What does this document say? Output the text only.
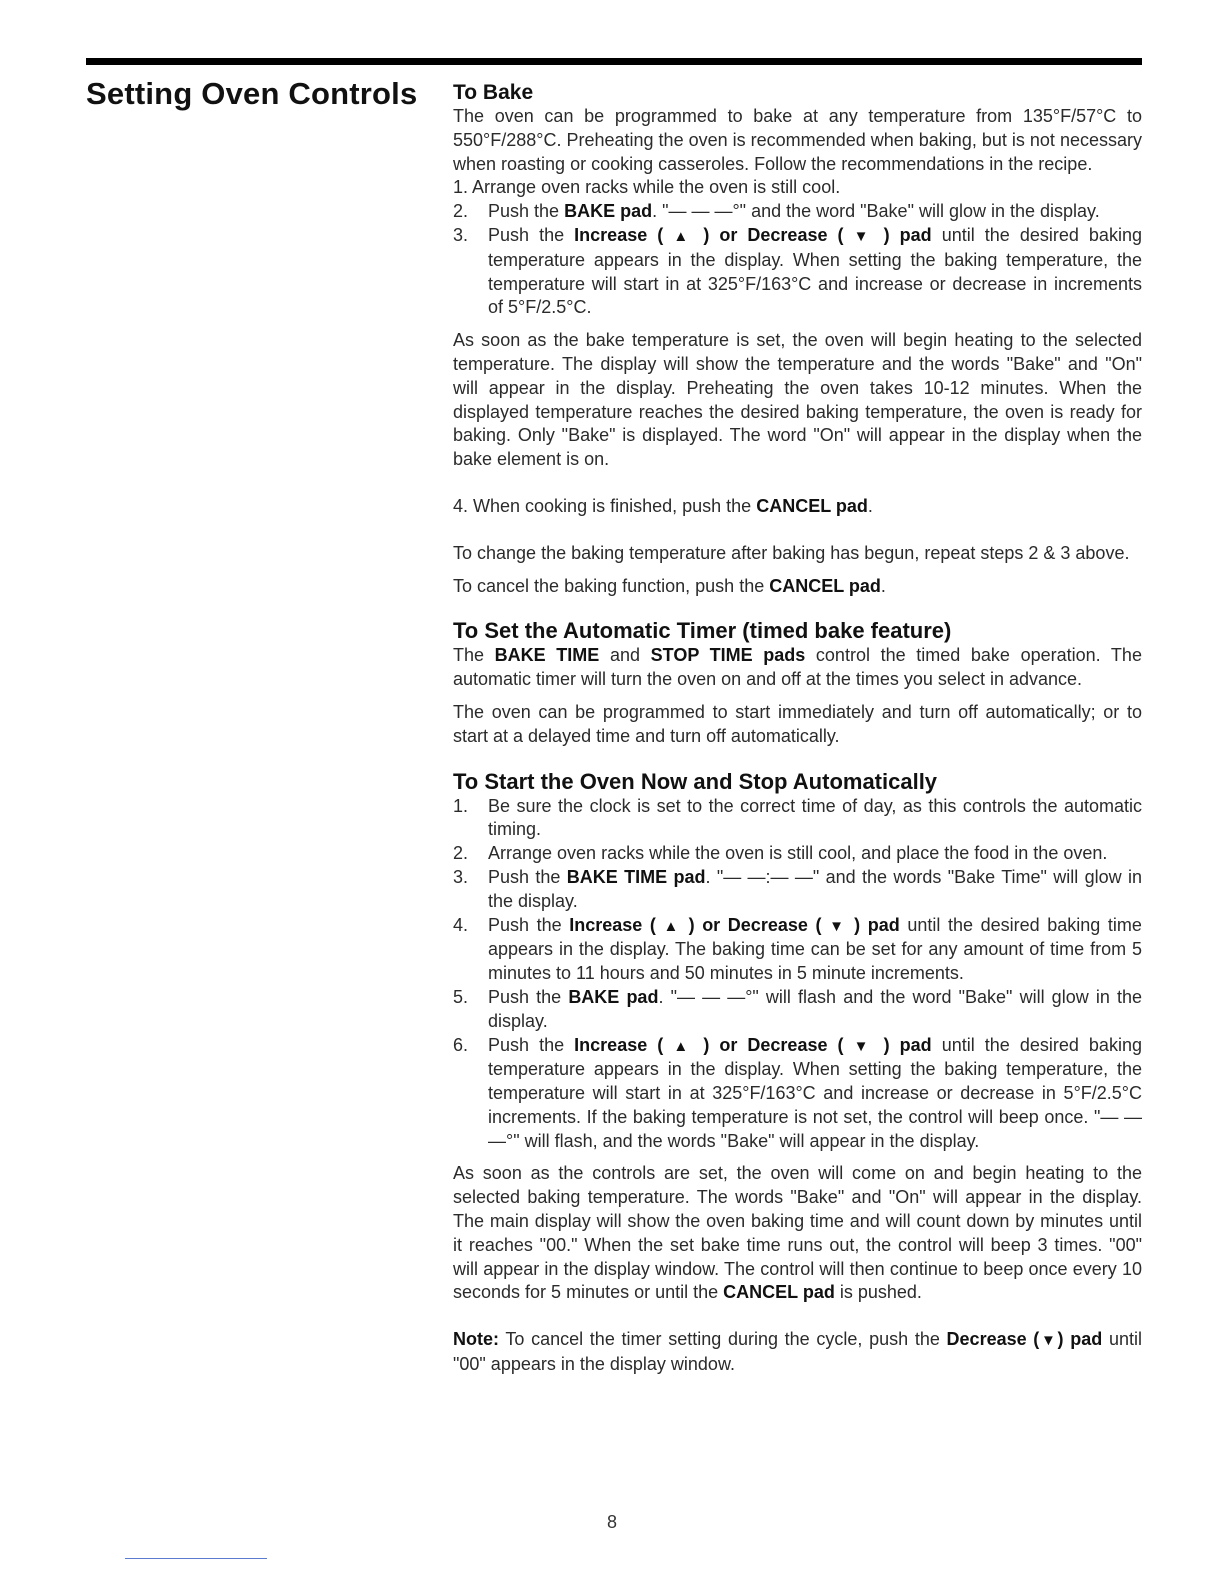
Setting Oven Controls To Bake

The oven can be programmed to bake at any temperature from 135°F/57°C to 550°F/288°C. Preheating the oven is recommended when baking, but is not necessary when roasting or cooking casseroles. Follow the recommendations in the recipe.

1. Arrange oven racks while the oven is still cool.
2. Push the BAKE pad. "— — —°" and the word "Bake" will glow in the display.
3. Push the Increase ( ▲ ) or Decrease ( ▼ ) pad until the desired baking temperature appears in the display. When setting the baking temperature, the temperature will start in at 325°F/163°C and increase or decrease in increments of 5°F/2.5°C.

As soon as the bake temperature is set, the oven will begin heating to the selected temperature. The display will show the temperature and the words "Bake" and "On" will appear in the display. Preheating the oven takes 10-12 minutes. When the displayed temperature reaches the desired baking temperature, the oven is ready for baking. Only "Bake" is displayed. The word "On" will appear in the display when the bake element is on.

4. When cooking is finished, push the CANCEL pad.

To change the baking temperature after baking has begun, repeat steps 2 & 3 above.

To cancel the baking function, push the CANCEL pad.

To Set the Automatic Timer (timed bake feature)

The BAKE TIME and STOP TIME pads control the timed bake operation. The automatic timer will turn the oven on and off at the times you select in advance.

The oven can be programmed to start immediately and turn off automatically; or to start at a delayed time and turn off automatically.

To Start the Oven Now and Stop Automatically
1. Be sure the clock is set to the correct time of day, as this controls the automatic timing.
2. Arrange oven racks while the oven is still cool, and place the food in the oven.
3. Push the BAKE TIME pad. "— —:— —" and the words "Bake Time" will glow in the display.
4. Push the Increase ( ▲ ) or Decrease ( ▼ ) pad until the desired baking time appears in the display. The baking time can be set for any amount of time from 5 minutes to 11 hours and 50 minutes in 5 minute increments.
5. Push the BAKE pad. "— — —°" will flash and the word "Bake" will glow in the display.
6. Push the Increase ( ▲ ) or Decrease ( ▼ ) pad until the desired baking temperature appears in the display. When setting the baking temperature, the temperature will start in at 325°F/163°C and increase or decrease in 5°F/2.5°C increments. If the baking temperature is not set, the control will beep once. "— — —°" will flash, and the words "Bake" will appear in the display.

As soon as the controls are set, the oven will come on and begin heating to the selected baking temperature. The words "Bake" and "On" will appear in the display. The main display will show the oven baking time and will count down by minutes until it reaches "00." When the set bake time runs out, the control will beep 3 times. "00" will appear in the display window. The control will then continue to beep once every 10 seconds for 5 minutes or until the CANCEL pad is pushed.

Note: To cancel the timer setting during the cycle, push the Decrease (▼) pad until "00" appears in the display window.

8
